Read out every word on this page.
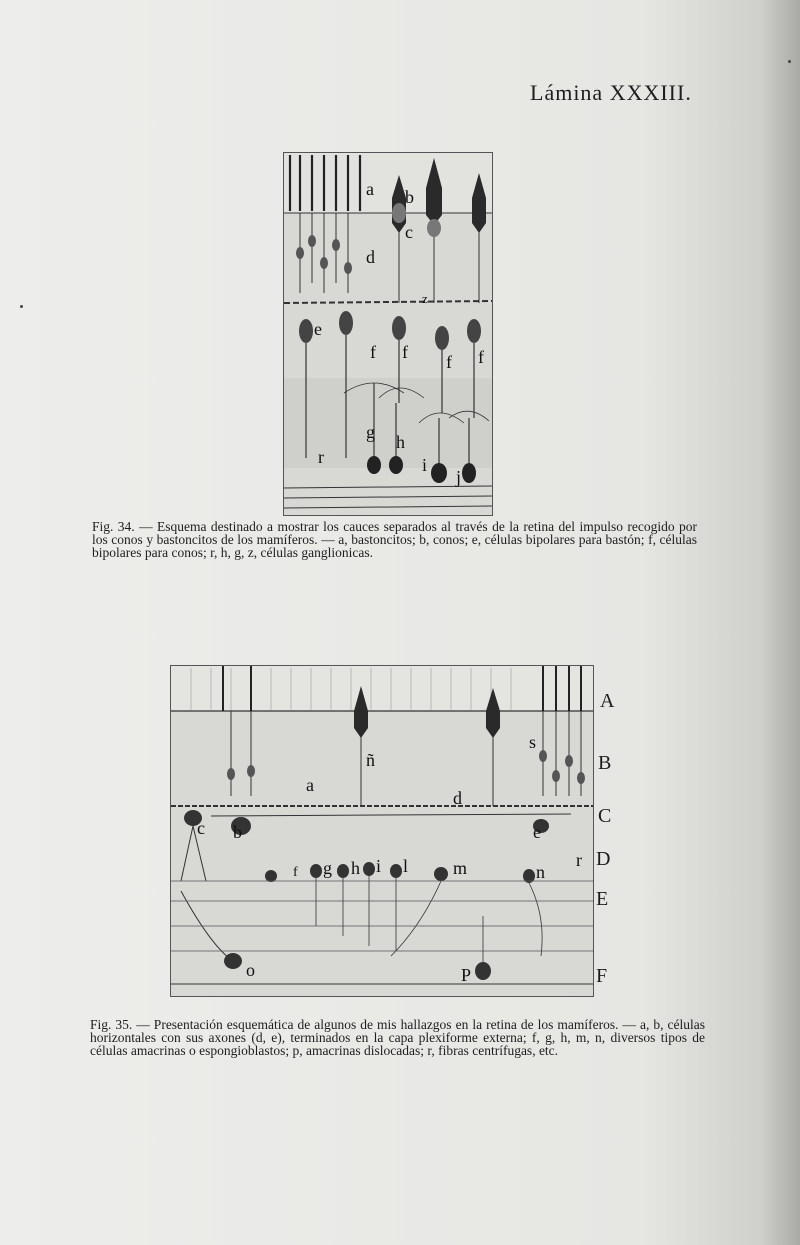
Lámina XXXIII.
a b
c
d
z
e
f f f f
g h
r	i
j
Fig. 34. — Esquema destinado a mostrar los cauces separados al través de la retina del impulso recogido por los conos y bastoncitos de los mamíferos. — a, bastoncitos; b, conos; e, células bipolares para bastón; f, células bipolares para conos; r, h, g, z, células ganglionicas.
a
ñ
d
s
b
c	e
f g h i l m	n
r
o	P
A
B
C
D
E
F
Fig. 35. — Presentación esquemática de algunos de mis hallazgos en la retina de los mamíferos. — a, b, células horizontales con sus axones (d, e), terminados en la capa plexiforme externa; f, g, h, m, n, diversos tipos de células amacrinas o espongioblastos; p, amacrinas dislocadas; r, fibras centrífugas, etc.
